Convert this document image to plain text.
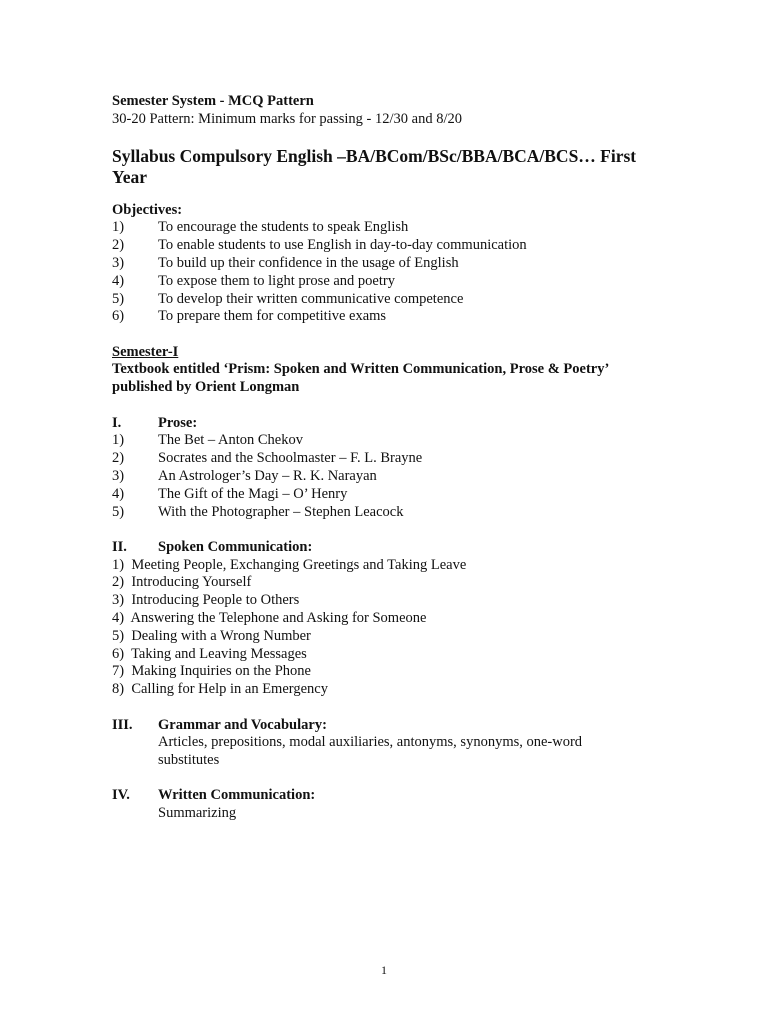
Semester System - MCQ Pattern
30-20 Pattern: Minimum marks for passing - 12/30 and 8/20
Syllabus Compulsory English –BA/BCom/BSc/BBA/BCA/BCS… First
Year
Objectives:
1) To encourage the students to speak English
2) To enable students to use English in day-to-day communication
3) To build up their confidence in the usage of English
4) To expose them to light prose and poetry
5) To develop their written communicative competence
6) To prepare them for competitive exams
Semester-I
Textbook entitled ‘Prism: Spoken and Written Communication, Prose & Poetry’
published by Orient Longman
I.	Prose:
1) The Bet – Anton Chekov
2) Socrates and the Schoolmaster – F. L. Brayne
3) An Astrologer’s Day – R. K. Narayan
4) The Gift of the Magi – O’ Henry
5) With the Photographer – Stephen Leacock
II.	Spoken Communication:
1)  Meeting People, Exchanging Greetings and Taking Leave
2)  Introducing Yourself
3)  Introducing People to Others
4)  Answering the Telephone and Asking for Someone
5)  Dealing with a Wrong Number
6)  Taking and Leaving Messages
7)  Making Inquiries on the Phone
8)  Calling for Help in an Emergency
III.	Grammar and Vocabulary:
Articles, prepositions, modal auxiliaries, antonyms, synonyms, one-word
substitutes
IV.	Written Communication:
Summarizing
1
